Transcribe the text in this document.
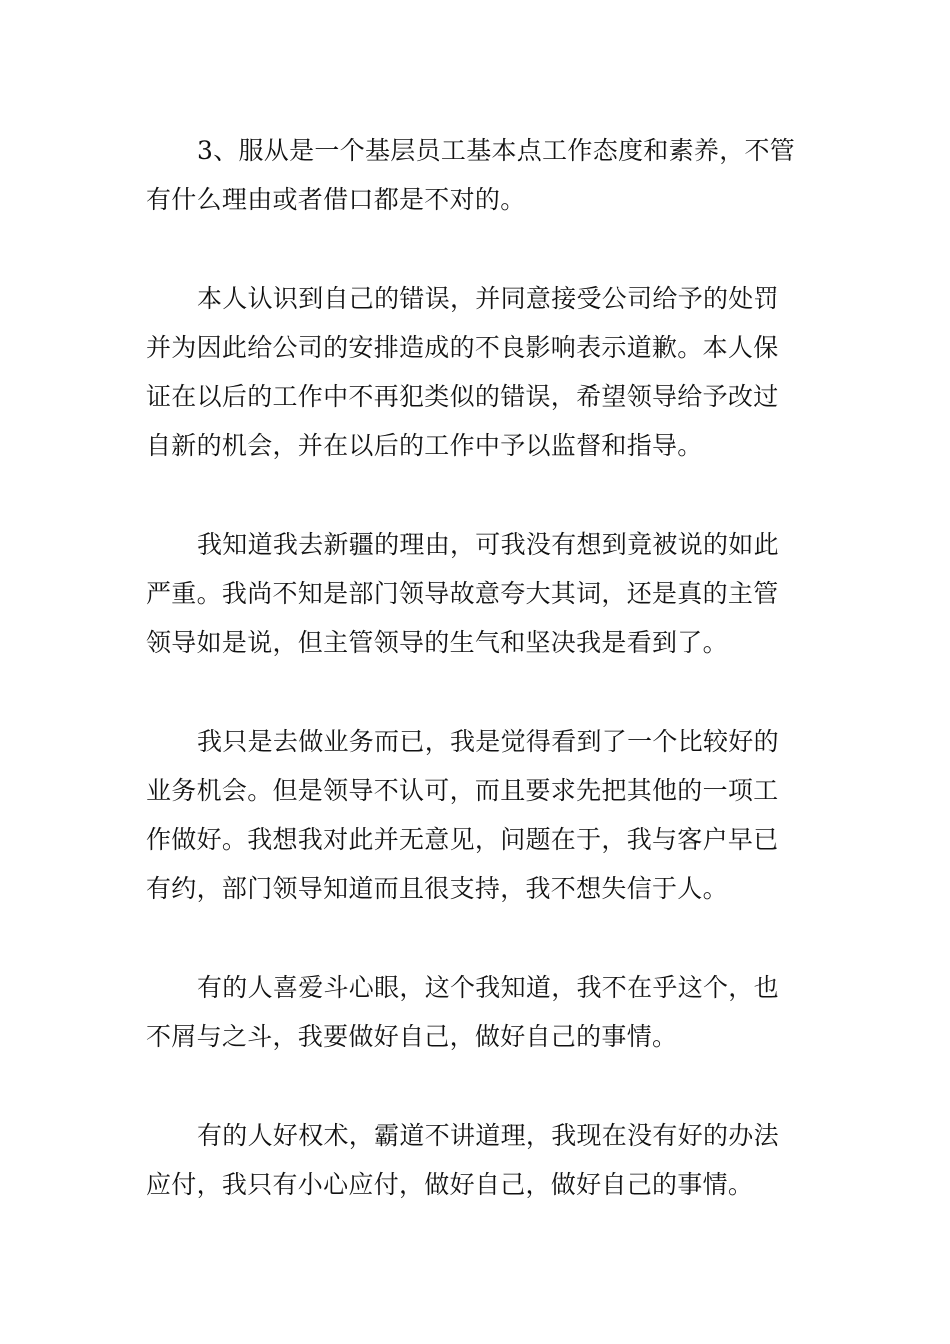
3、服从是一个基层员工基本点工作态度和素养，不管
有什么理由或者借口都是不对的。

本人认识到自己的错误，并同意接受公司给予的处罚
并为因此给公司的安排造成的不良影响表示道歉。本人保
证在以后的工作中不再犯类似的错误，希望领导给予改过
自新的机会，并在以后的工作中予以监督和指导。

我知道我去新疆的理由，可我没有想到竟被说的如此
严重。我尚不知是部门领导故意夸大其词，还是真的主管
领导如是说，但主管领导的生气和坚决我是看到了。

我只是去做业务而已，我是觉得看到了一个比较好的
业务机会。但是领导不认可，而且要求先把其他的一项工
作做好。我想我对此并无意见，问题在于，我与客户早已
有约，部门领导知道而且很支持，我不想失信于人。

有的人喜爱斗心眼，这个我知道，我不在乎这个，也
不屑与之斗，我要做好自己，做好自己的事情。

有的人好权术，霸道不讲道理，我现在没有好的办法
应付，我只有小心应付，做好自己，做好自己的事情。
